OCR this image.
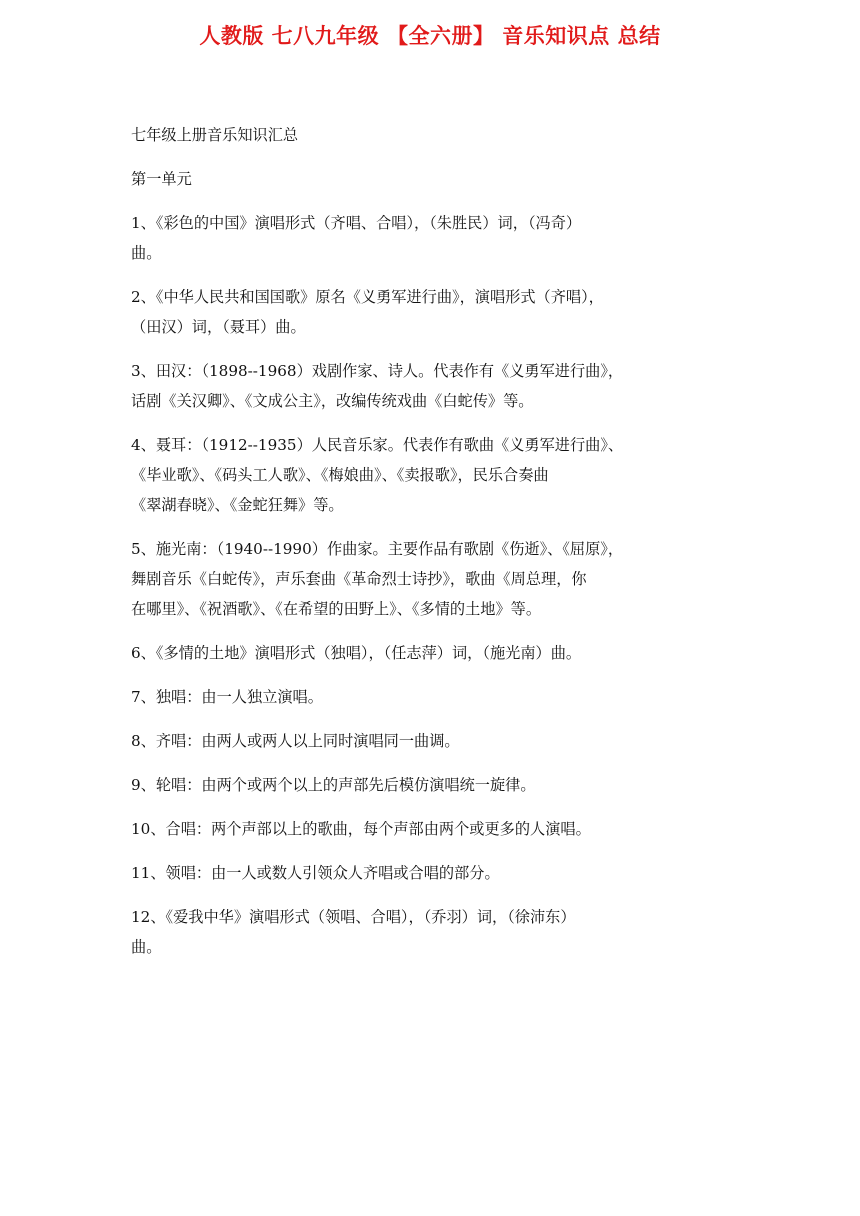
人教版 七八九年级 【全六册】 音乐知识点 总结
七年级上册音乐知识汇总
第一单元
1、《彩色的中国》演唱形式（齐唱、合唱），（朱胜民）词，（冯奇）
曲。
2、《中华人民共和国国歌》原名《义勇军进行曲》，演唱形式（齐唱），
（田汉）词，（聂耳）曲。
3、田汉：（1898--1968）戏剧作家、诗人。代表作有《义勇军进行曲》，
话剧《关汉卿》、《文成公主》，改编传统戏曲《白蛇传》等。
4、聂耳：（1912--1935）人民音乐家。代表作有歌曲《义勇军进行曲》、
《毕业歌》、《码头工人歌》、《梅娘曲》、《卖报歌》，民乐合奏曲
《翠湖春晓》、《金蛇狂舞》等。
5、施光南：（1940--1990）作曲家。主要作品有歌剧《伤逝》、《屈原》，
舞剧音乐《白蛇传》，声乐套曲《革命烈士诗抄》，歌曲《周总理，你
在哪里》、《祝酒歌》、《在希望的田野上》、《多情的土地》等。
6、《多情的土地》演唱形式（独唱），（任志萍）词，（施光南）曲。
7、独唱：由一人独立演唱。
8、齐唱：由两人或两人以上同时演唱同一曲调。
9、轮唱：由两个或两个以上的声部先后模仿演唱统一旋律。
10、合唱：两个声部以上的歌曲，每个声部由两个或更多的人演唱。
11、领唱：由一人或数人引领众人齐唱或合唱的部分。
12、《爱我中华》演唱形式（领唱、合唱），（乔羽）词，（徐沛东）
曲。
